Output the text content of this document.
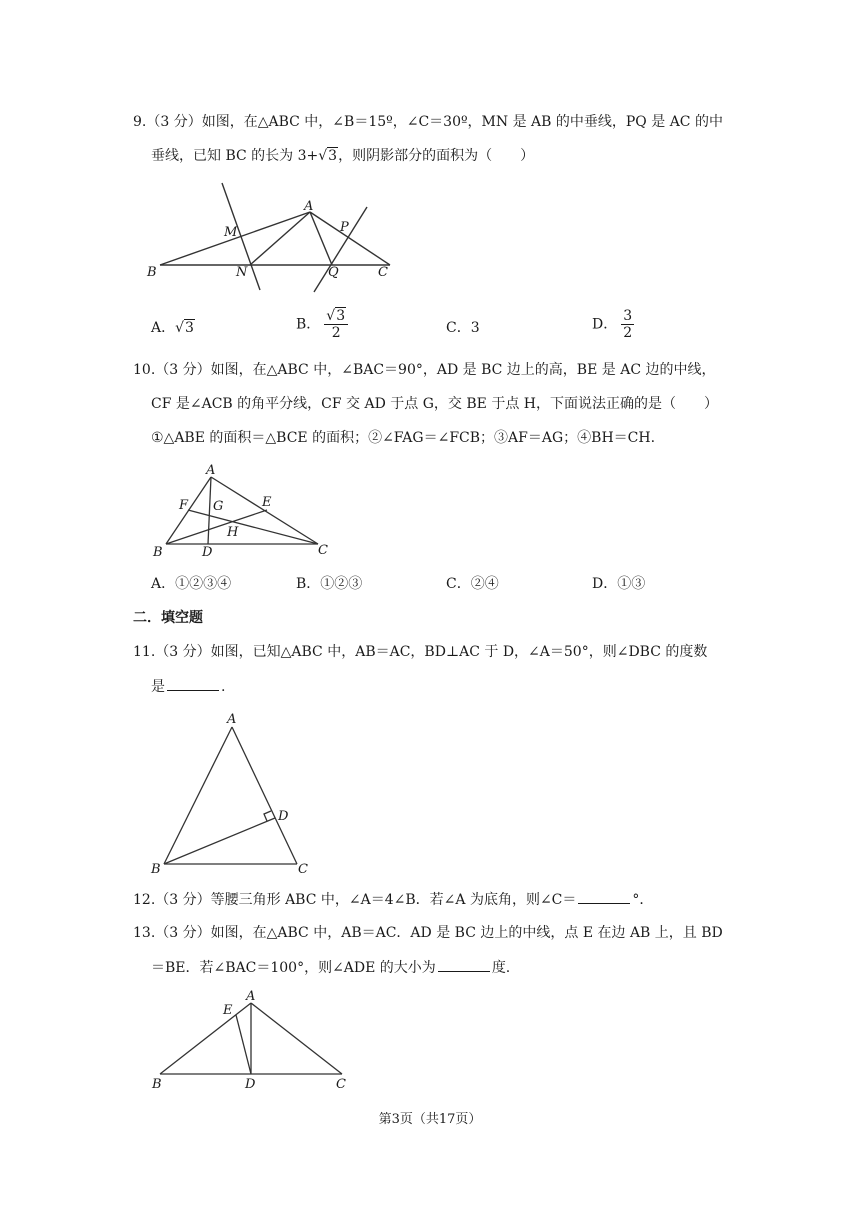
9.（3 分）如图，在△ABC 中，∠B＝15º，∠C＝30º，MN 是 AB 的中垂线，PQ 是 AC 的中
垂线，已知 BC 的长为 3+√3，则阴影部分的面积为（　　）
A
M	P
B	N	Q	C
A．√3	B． $\frac{√3}{2}$	C．3	D． $\frac{3}{2}$
10.（3 分）如图，在△ABC 中，∠BAC＝90°，AD 是 BC 边上的高，BE 是 AC 边的中线，
CF 是∠ACB 的角平分线，CF 交 AD 于点 G，交 BE 于点 H，下面说法正确的是（　　）
①△ABE 的面积＝△BCE 的面积；②∠FAG＝∠FCB；③AF＝AG；④BH＝CH.
A
F G	E
H
B	D	C
A．①②③④	B．①②③	C．②④	D．①③
二．填空题
11.（3 分）如图，已知△ABC 中，AB＝AC，BD⊥AC 于 D，∠A＝50°，则∠DBC 的度数
是	.
A
D
B	C
12.（3 分）等腰三角形 ABC 中，∠A＝4∠B．若∠A 为底角，则∠C＝	°．
13.（3 分）如图，在△ABC 中，AB＝AC．AD 是 BC 边上的中线，点 E 在边 AB 上，且 BD
＝BE．若∠BAC＝100°，则∠ADE 的大小为	度.
A
E
B	D	C
第3页（共17页）
